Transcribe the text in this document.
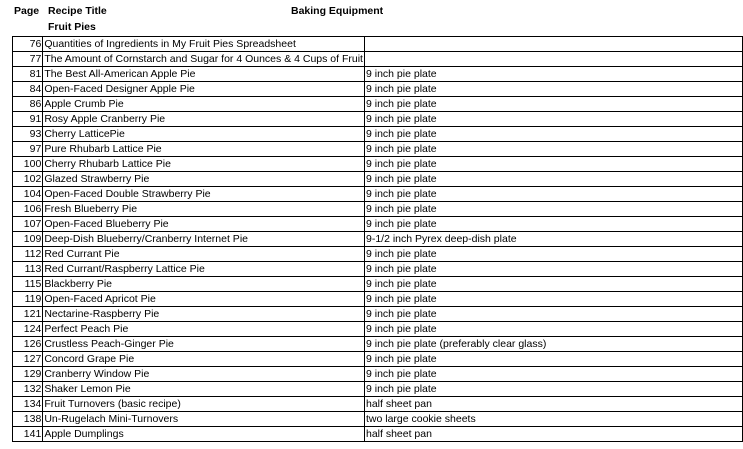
Page Recipe Title	Baking Equipment
Fruit Pies
76	Quantities of Ingredients in My Fruit Pies Spreadsheet	
77	The Amount of Cornstarch and Sugar for 4 Ounces & 4 Cups of Fruit	
81	The Best All-American Apple Pie	9 inch pie plate
84	Open-Faced Designer Apple Pie	9 inch pie plate
86	Apple Crumb Pie	9 inch pie plate
91	Rosy Apple Cranberry Pie	9 inch pie plate
93	Cherry LatticePie	9 inch pie plate
97	Pure Rhubarb Lattice Pie	9 inch pie plate
100	Cherry Rhubarb Lattice Pie	9 inch pie plate
102	Glazed Strawberry Pie	9 inch pie plate
104	Open-Faced Double Strawberry Pie	9 inch pie plate
106	Fresh Blueberry Pie	9 inch pie plate
107	Open-Faced Blueberry Pie	9 inch pie plate
109	Deep-Dish Blueberry/Cranberry Internet Pie	9-1/2 inch Pyrex deep-dish plate
112	Red Currant Pie	9 inch pie plate
113	Red Currant/Raspberry Lattice Pie	9 inch pie plate
115	Blackberry Pie	9 inch pie plate
119	Open-Faced Apricot Pie	9 inch pie plate
121	Nectarine-Raspberry Pie	9 inch pie plate
124	Perfect Peach Pie	9 inch pie plate
126	Crustless Peach-Ginger Pie	9 inch pie plate (preferably clear glass)
127	Concord Grape Pie	9 inch pie plate
129	Cranberry Window Pie	9 inch pie plate
132	Shaker Lemon Pie	9 inch pie plate
134	Fruit Turnovers (basic recipe)	half sheet pan
138	Un-Rugelach Mini-Turnovers	two large cookie sheets
141	Apple Dumplings	half sheet pan
